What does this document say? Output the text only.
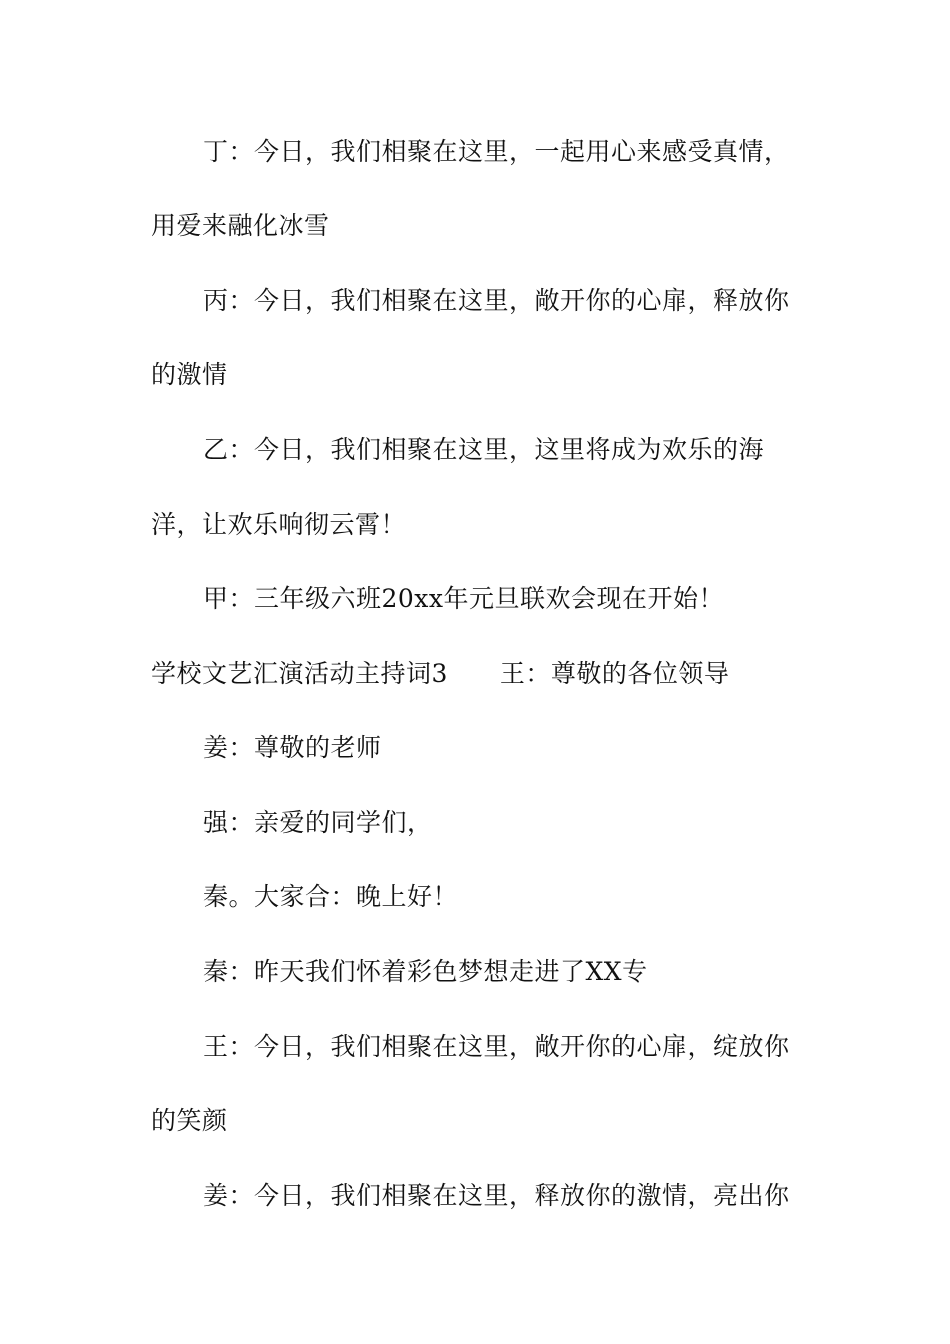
丁：今日，我们相聚在这里，一起用心来感受真情，
用爱来融化冰雪
丙：今日，我们相聚在这里，敞开你的心扉，释放你
的激情
乙：今日，我们相聚在这里，这里将成为欢乐的海
洋，让欢乐响彻云霄！
甲：三年级六班20xx年元旦联欢会现在开始！
学校文艺汇演活动主持词3 王：尊敬的各位领导
姜：尊敬的老师
强：亲爱的同学们，
秦。大家合：晚上好！
秦：昨天我们怀着彩色梦想走进了XX专
王：今日，我们相聚在这里，敞开你的心扉，绽放你
的笑颜
姜：今日，我们相聚在这里，释放你的激情，亮出你
